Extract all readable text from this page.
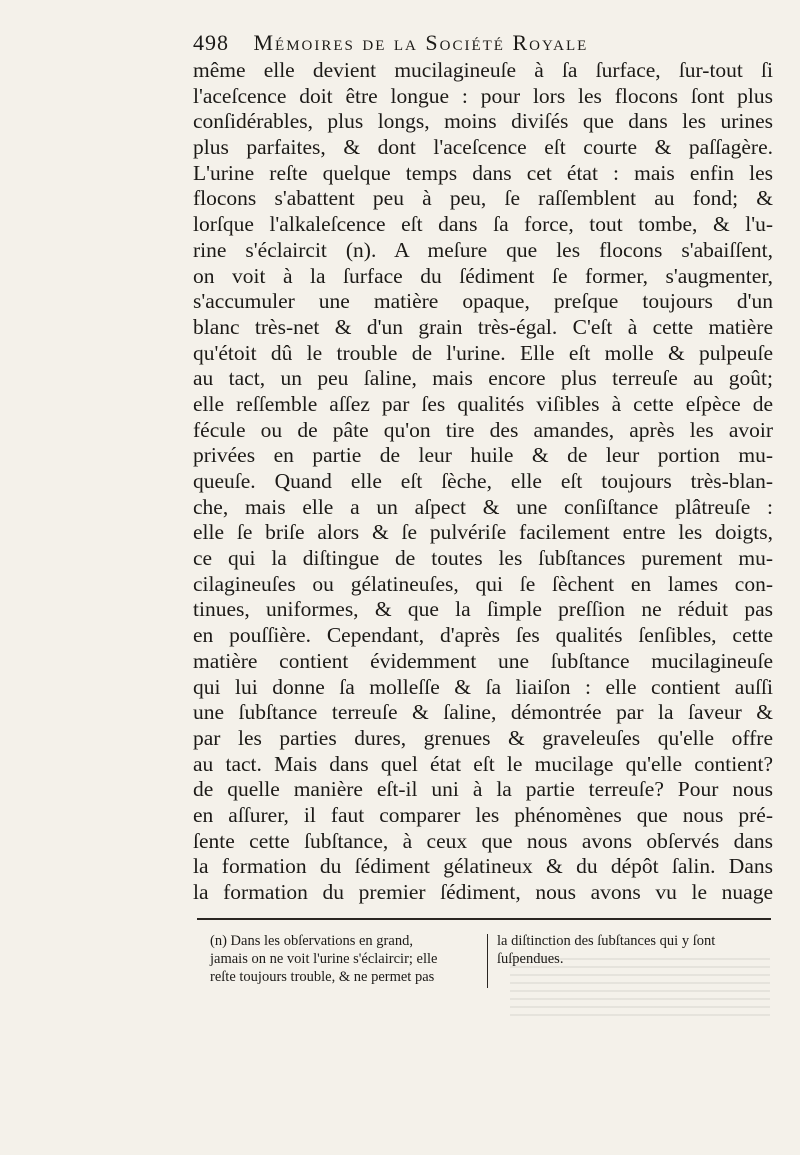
498 Mémoires de la Société Royale
même elle devient mucilagineuſe à ſa ſurface, ſur-tout ſi
l'aceſcence doit être longue : pour lors les flocons ſont plus
conſidérables, plus longs, moins diviſés que dans les urines
plus parfaites, & dont l'aceſcence eſt courte & paſſagère.
L'urine reſte quelque temps dans cet état : mais enfin les
flocons s'abattent peu à peu, ſe raſſemblent au fond; &
lorſque l'alkaleſcence eſt dans ſa force, tout tombe, & l'u-
rine s'éclaircit (n). A meſure que les flocons s'abaiſſent,
on voit à la ſurface du ſédiment ſe former, s'augmenter,
s'accumuler une matière opaque, preſque toujours d'un
blanc très-net & d'un grain très-égal. C'eſt à cette matière
qu'étoit dû le trouble de l'urine. Elle eſt molle & pulpeuſe
au tact, un peu ſaline, mais encore plus terreuſe au goût;
elle reſſemble aſſez par ſes qualités viſibles à cette eſpèce de
fécule ou de pâte qu'on tire des amandes, après les avoir
privées en partie de leur huile & de leur portion mu-
queuſe. Quand elle eſt ſèche, elle eſt toujours très-blan-
che, mais elle a un aſpect & une conſiſtance plâtreuſe :
elle ſe briſe alors & ſe pulvériſe facilement entre les doigts,
ce qui la diſtingue de toutes les ſubſtances purement mu-
cilagineuſes ou gélatineuſes, qui ſe ſèchent en lames con-
tinues, uniformes, & que la ſimple preſſion ne réduit pas
en pouſſière. Cependant, d'après ſes qualités ſenſibles, cette
matière contient évidemment une ſubſtance mucilagineuſe
qui lui donne ſa molleſſe & ſa liaiſon : elle contient auſſi
une ſubſtance terreuſe & ſaline, démontrée par la ſaveur &
par les parties dures, grenues & graveleuſes qu'elle offre
au tact. Mais dans quel état eſt le mucilage qu'elle contient?
de quelle manière eſt-il uni à la partie terreuſe? Pour nous
en aſſurer, il faut comparer les phénomènes que nous pré-
ſente cette ſubſtance, à ceux que nous avons obſervés dans
la formation du ſédiment gélatineux & du dépôt ſalin. Dans
la formation du premier ſédiment, nous avons vu le nuage
(n) Dans les obſervations en grand,
jamais on ne voit l'urine s'éclaircir; elle
reſte toujours trouble, & ne permet pas
la diſtinction des ſubſtances qui y ſont
ſuſpendues.
